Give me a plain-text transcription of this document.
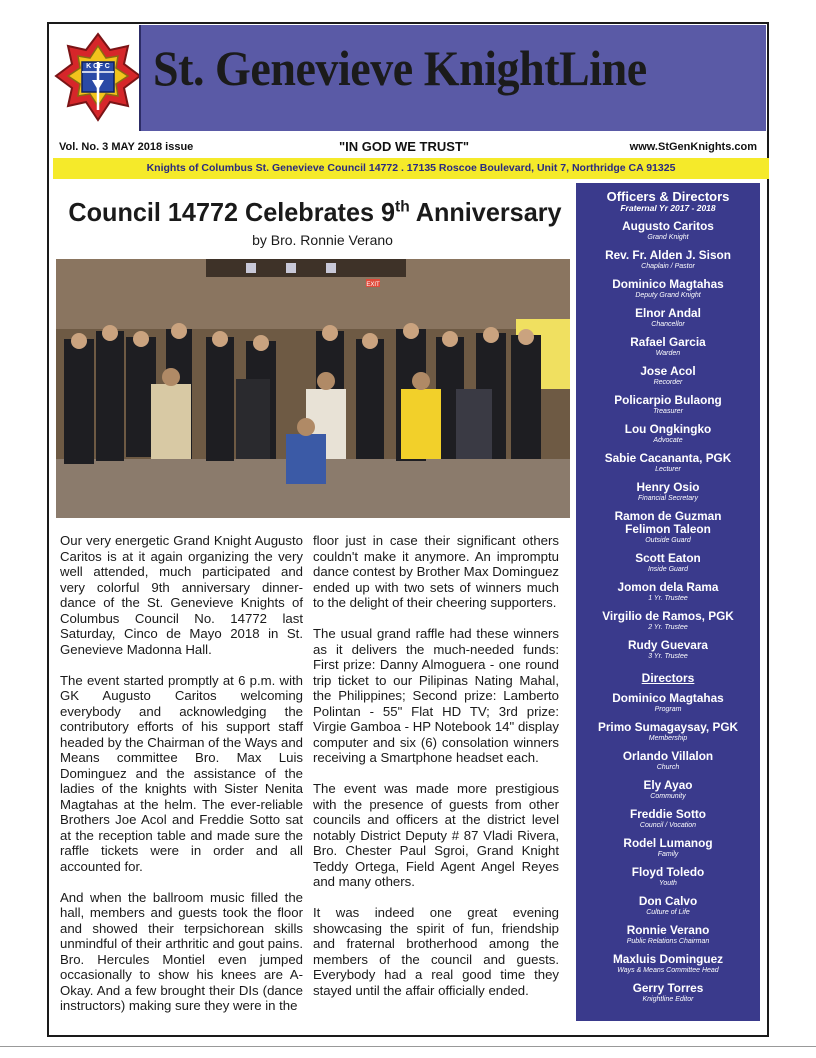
K OF C St. Genevieve KnightLine
Vol. No. 3 MAY 2018 issue	"IN GOD WE TRUST"	www.StGenKnights.com
Knights of Columbus St. Genevieve Council 14772 . 17135 Roscoe Boulevard, Unit 7, Northridge CA 91325
Council 14772 Celebrates 9th Anniversary
by Bro. Ronnie Verano
EXIT

Our very energetic Grand Knight Augusto Caritos is at it again organizing the very well attended, much participated and very colorful 9th anniversary dinner-dance of the St. Genevieve Knights of Columbus Council No. 14772 last Saturday, Cinco de Mayo 2018 in St. Genevieve Madonna Hall.

The event started promptly at 6 p.m. with GK Augusto Caritos welcoming everybody and acknowledging the contributory efforts of his support staff headed by the Chairman of the Ways and Means committee Bro. Max Luis Dominguez and the assistance of the ladies of the knights with Sister Nenita Magtahas at the helm. The ever-reliable Brothers Joe Acol and Freddie Sotto sat at the reception table and made sure the raffle tickets were in order and all accounted for.

And when the ballroom music filled the hall, members and guests took the floor and showed their terpsichorean skills unmindful of their arthritic and gout pains. Bro. Hercules Montiel even jumped occasionally to show his knees are A-Okay. And a few brought their DIs (dance instructors) making sure they were in the

floor just in case their significant others couldn't make it anymore. An impromptu dance contest by Brother Max Dominguez ended up with two sets of winners much to the delight of their cheering supporters.

The usual grand raffle had these winners as it delivers the much-needed funds: First prize: Danny Almoguera - one round trip ticket to our Pilipinas Nating Mahal, the Philippines; Second prize: Lamberto Polintan - 55" Flat HD TV; 3rd prize: Virgie Gamboa - HP Notebook 14" display computer and six (6) consolation winners receiving a Smartphone headset each.

The event was made more prestigious with the presence of guests from other councils and officers at the district level notably District Deputy # 87 Vladi Rivera, Bro. Chester Paul Sgroi, Grand Knight Teddy Ortega, Field Agent Angel Reyes and many others.

It was indeed one great evening showcasing the spirit of fun, friendship and fraternal brotherhood among the members of the council and guests. Everybody had a real good time they stayed until the affair officially ended.

Officers & Directors
Fraternal Yr 2017 - 2018
Augusto Caritos
Grand Knight
Rev. Fr. Alden J. Sison
Chaplain / Pastor
Dominico Magtahas
Deputy Grand Knight
Elnor Andal
Chancellor
Rafael Garcia
Warden
Jose Acol
Recorder
Policarpio Bulaong
Treasurer
Lou Ongkingko
Advocate
Sabie Cacananta, PGK
Lecturer
Henry Osio
Financial Secretary
Ramon de Guzman
Felimon Taleon
Outside Guard
Scott Eaton
Inside Guard
Jomon dela Rama
1 Yr. Trustee
Virgilio de Ramos, PGK
2 Yr. Trustee
Rudy Guevara
3 Yr. Trustee
Directors
Dominico Magtahas
Program
Primo Sumagaysay, PGK
Membership
Orlando Villalon
Church
Ely Ayao
Community
Freddie Sotto
Council / Vocation
Rodel Lumanog
Family
Floyd Toledo
Youth
Don Calvo
Culture of Life
Ronnie Verano
Public Relations Chairman
Maxluis Dominguez
Ways & Means Committee Head
Gerry Torres
Knightline Editor
